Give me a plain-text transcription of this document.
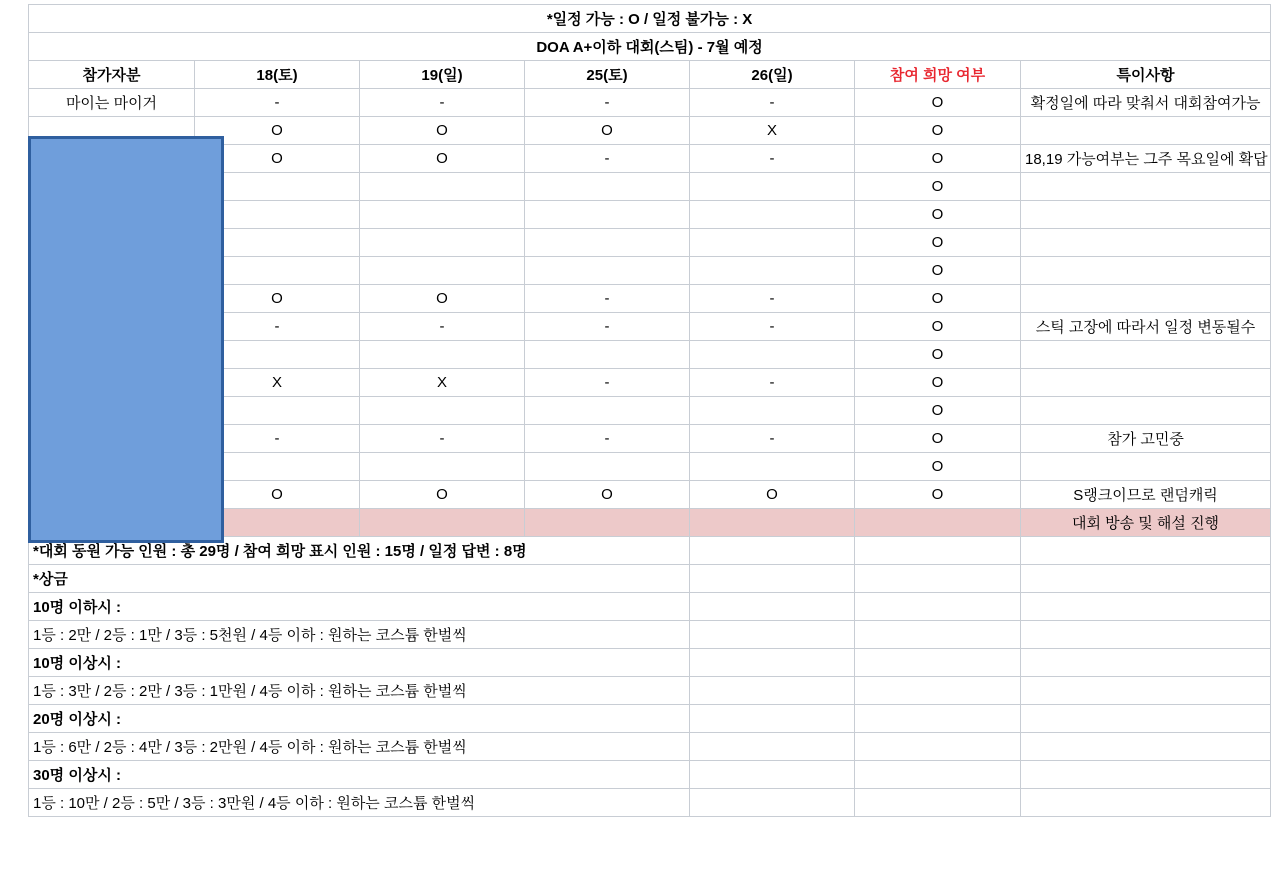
*일정 가능 : O / 일정 불가능 : X						
DOA A+이하 대회(스팀) - 7월 예정						
참가자분	18(토)	19(일)	25(토)	26(일)	참여 희망 여부	특이사항
마이는 마이거	-	-	-	-	O	확정일에 따라 맞춰서 대회참여가능
	O	O	O	X	O	
	O	O	-	-	O	18,19 가능여부는 그주 목요일에 확답
					O	
					O	
					O	
					O	
	O	O	-	-	O	
	-	-	-	-	O	스틱 고장에 따라서 일정 변동될수
					O	
	X	X	-	-	O	
					O	
	-	-	-	-	O	참가 고민중
					O	
	O	O	O	O	O	S랭크이므로 랜덤캐릭
						대회 방송 및 해설 진행
*대회 동원 가능 인원 : 총 29명 / 참여 희망 표시 인원 : 15명 / 일정 답변 : 8명						
*상금						
10명 이하시 :						
1등 : 2만 / 2등 : 1만 / 3등 : 5천원 / 4등 이하 : 원하는 코스튬 한벌씩						
10명 이상시 :						
1등 : 3만 / 2등 : 2만 / 3등 : 1만원 / 4등 이하 : 원하는 코스튬 한벌씩						
20명 이상시 :						
1등 : 6만 / 2등 : 4만 / 3등 : 2만원 / 4등 이하 : 원하는 코스튬 한벌씩						
30명 이상시 :						
1등 : 10만 / 2등 : 5만 / 3등 : 3만원 / 4등 이하 : 원하는 코스튬 한벌씩						
